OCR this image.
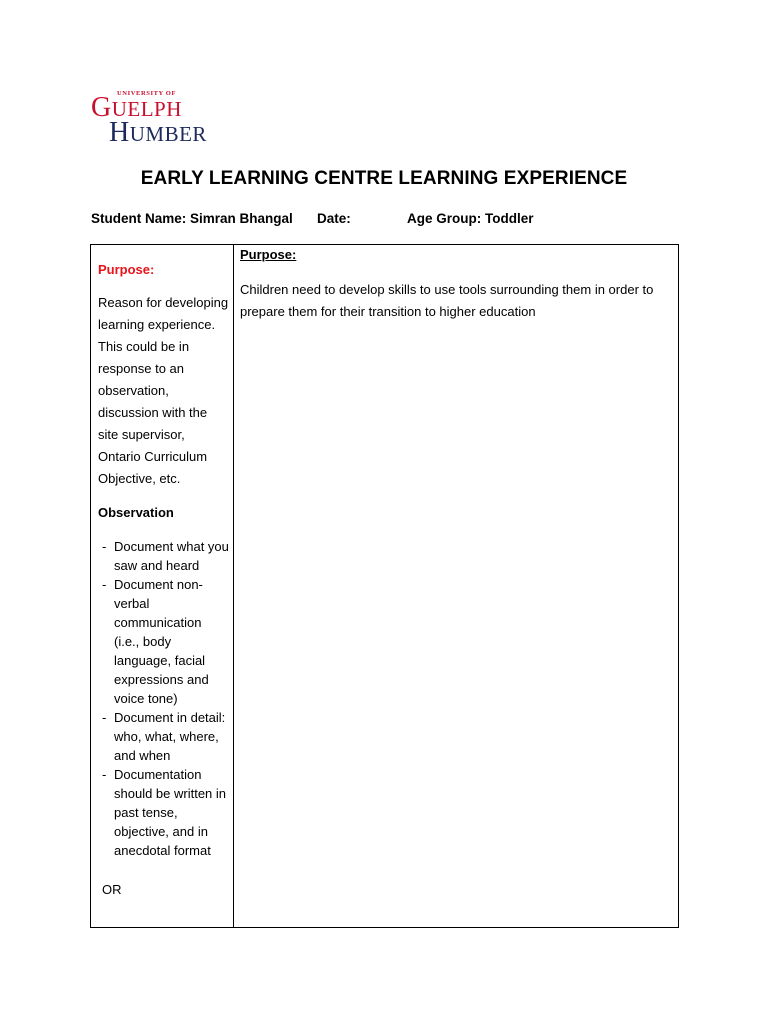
UNIVERSITY OF
GUELPH
HUMBER
EARLY LEARNING CENTRE LEARNING EXPERIENCE
Student Name: Simran Bhangal Date:	Age Group: Toddler
Purpose:
Reason for developing learning experience. This could be in response to an observation, discussion with the site supervisor, Ontario Curriculum Objective, etc.
Observation
- Document what you saw and heard
- Document non-verbal communication (i.e., body language, facial expressions and voice tone)
- Document in detail: who, what, where, and when
- Documentation should be written in past tense, objective, and in anecdotal format
OR
Purpose:
Children need to develop skills to use tools surrounding them in order to prepare them for their transition to higher education
